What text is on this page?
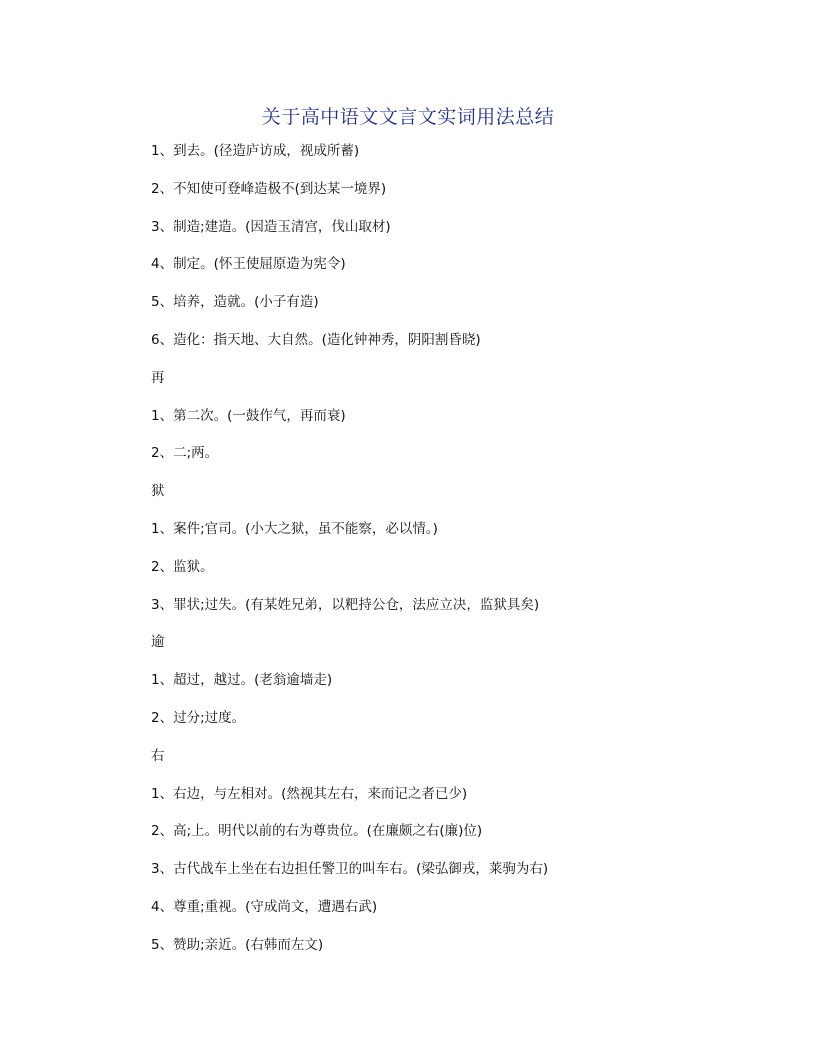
关于高中语文文言文实词用法总结

1、到去。(径造庐访成，视成所蓄)

2、不知使可登峰造极不(到达某一境界)

3、制造;建造。(因造玉清宫，伐山取材)

4、制定。(怀王使屈原造为宪令)

5、培养，造就。(小子有造)

6、造化：指天地、大自然。(造化钟神秀，阴阳割昏晓)

再

1、第二次。(一鼓作气，再而衰)

2、二;两。

狱

1、案件;官司。(小大之狱，虽不能察，必以情。)

2、监狱。

3、罪状;过失。(有某姓兄弟，以粑持公仓，法应立决，监狱具矣)

逾

1、超过，越过。(老翁逾墙走)

2、过分;过度。

右

1、右边，与左相对。(然视其左右，来而记之者已少)

2、高;上。明代以前的右为尊贵位。(在廉颇之右(廉)位)

3、古代战车上坐在右边担任警卫的叫车右。(梁弘御戎，莱驹为右)

4、尊重;重视。(守成尚文，遭遇右武)

5、赞助;亲近。(右韩而左文)
